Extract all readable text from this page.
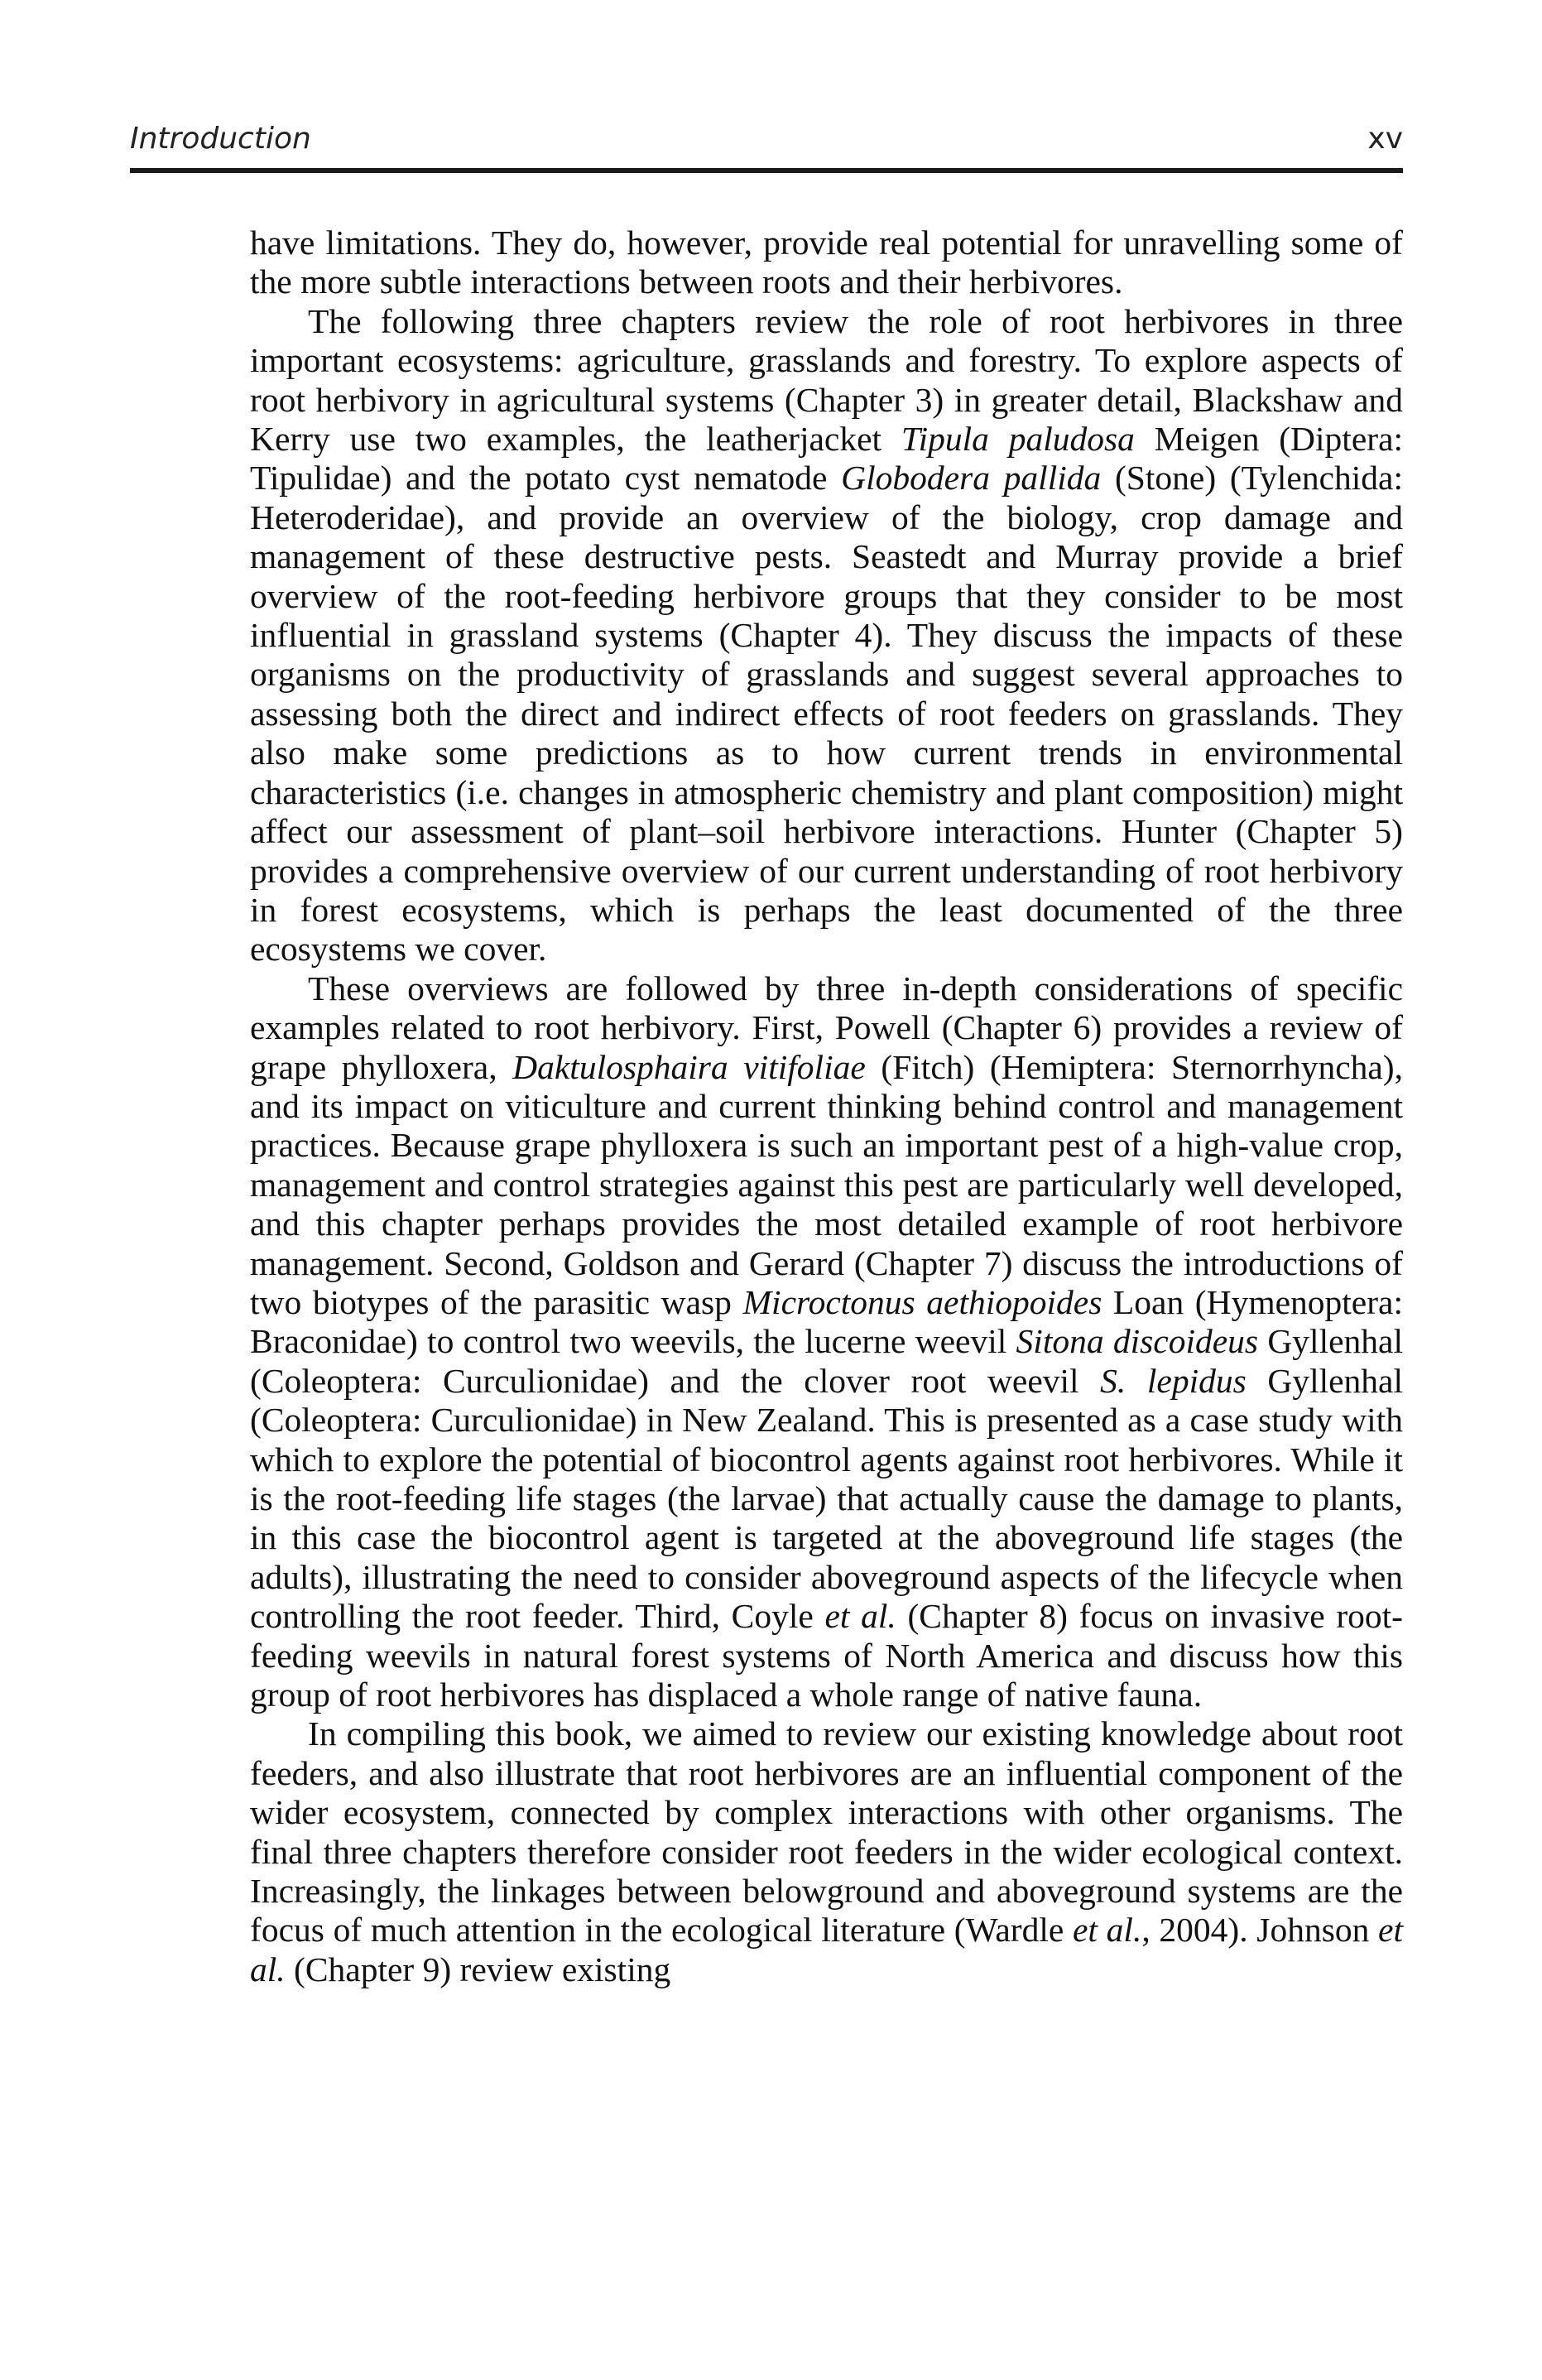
Introduction	xv

have limitations. They do, however, provide real potential for unravelling some of the more subtle interactions between roots and their herbivores.

The following three chapters review the role of root herbivores in three important ecosystems: agriculture, grasslands and forestry. To explore aspects of root herbivory in agricultural systems (Chapter 3) in greater detail, Blackshaw and Kerry use two examples, the leatherjacket Tipula paludosa Meigen (Diptera: Tipulidae) and the potato cyst nematode Globodera pallida (Stone) (Tylenchida: Heteroderidae), and provide an overview of the biology, crop damage and management of these destructive pests. Seastedt and Murray provide a brief overview of the root-feeding herbivore groups that they consider to be most influential in grassland systems (Chapter 4). They discuss the impacts of these organisms on the productivity of grasslands and suggest several approaches to assessing both the direct and indirect effects of root feeders on grasslands. They also make some predictions as to how current trends in environmental characteristics (i.e. changes in atmospheric chemistry and plant composition) might affect our assessment of plant–soil herbivore interactions. Hunter (Chapter 5) provides a comprehensive overview of our current understanding of root herbivory in forest ecosystems, which is perhaps the least documented of the three ecosystems we cover.

These overviews are followed by three in-depth considerations of specific examples related to root herbivory. First, Powell (Chapter 6) provides a review of grape phylloxera, Daktulosphaira vitifoliae (Fitch) (Hemiptera: Sternorrhyncha), and its impact on viticulture and current thinking behind control and management practices. Because grape phylloxera is such an important pest of a high-value crop, management and control strategies against this pest are particularly well developed, and this chapter perhaps provides the most detailed example of root herbivore management. Second, Goldson and Gerard (Chapter 7) discuss the introductions of two biotypes of the parasitic wasp Microctonus aethiopoides Loan (Hymenoptera: Braconidae) to control two weevils, the lucerne weevil Sitona discoideus Gyllenhal (Coleoptera: Curculionidae) and the clover root weevil S. lepidus Gyllenhal (Coleoptera: Curculionidae) in New Zealand. This is presented as a case study with which to explore the potential of biocontrol agents against root herbivores. While it is the root-feeding life stages (the larvae) that actually cause the damage to plants, in this case the biocontrol agent is targeted at the aboveground life stages (the adults), illustrating the need to consider aboveground aspects of the lifecycle when controlling the root feeder. Third, Coyle et al. (Chapter 8) focus on invasive root-feeding weevils in natural forest systems of North America and discuss how this group of root herbivores has displaced a whole range of native fauna.

In compiling this book, we aimed to review our existing knowledge about root feeders, and also illustrate that root herbivores are an influential component of the wider ecosystem, connected by complex interactions with other organisms. The final three chapters therefore consider root feeders in the wider ecological context. Increasingly, the linkages between belowground and aboveground systems are the focus of much attention in the ecological literature (Wardle et al., 2004). Johnson et al. (Chapter 9) review existing
